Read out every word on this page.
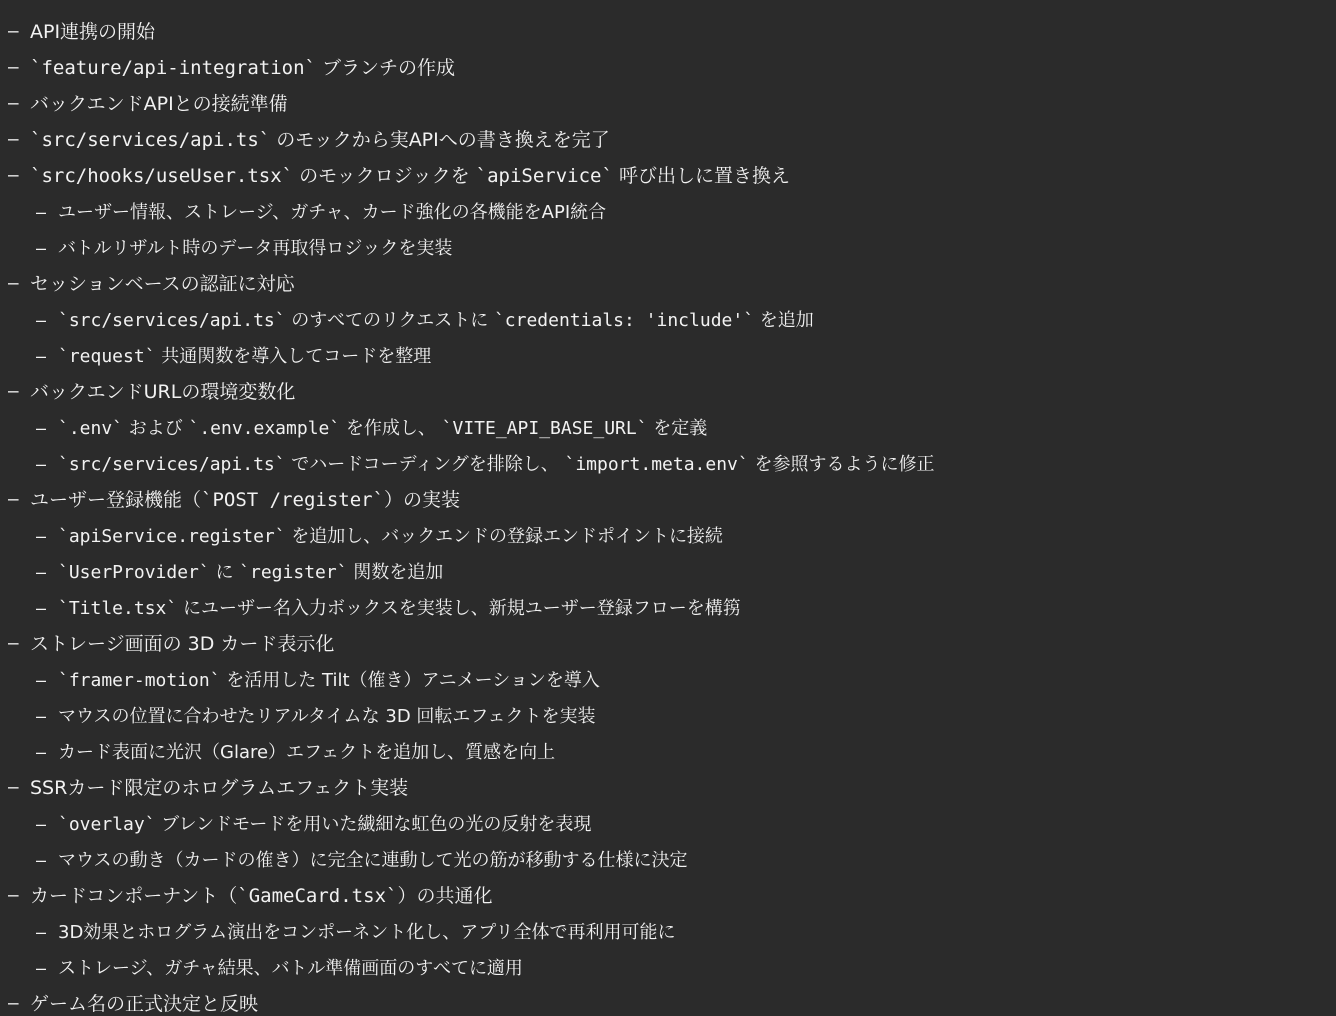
– API連携の開始
– `feature/api-integration` ブランチの作成
– バックエンドAPIとの接続準備
– `src/services/api.ts` のモックから実APIへの書き換えを完了
– `src/hooks/useUser.tsx` のモックロジックを `apiService` 呼び出しに置き換え
– ユーザー情報、ストレージ、ガチャ、カード強化の各機能をAPI統合
– バトルリザルト時のデータ再取得ロジックを実装
– セッションベースの認証に対応
– `src/services/api.ts` のすべてのリクエストに `credentials: 'include'` を追加
– `request` 共通関数を導入してコードを整理
– バックエンドURLの環境変数化
– `.env` および `.env.example` を作成し、 `VITE_API_BASE_URL` を定義
– `src/services/api.ts` でハードコーディングを排除し、 `import.meta.env` を参照するように修正
– ユーザー登録機能（`POST /register`）の実装
– `apiService.register` を追加し、バックエンドの登録エンドポイントに接続
– `UserProvider` に `register` 関数を追加
– `Title.tsx` にユーザー名入力ボックスを実装し、新規ユーザー登録フローを構箉
– ストレージ画面の 3D カード表示化
– `framer-motion` を活用した Tilt（傕き）アニメーションを導入
– マウスの位置に合わせたリアルタイムな 3D 回転エフェクトを実装
– カード表面に光沢（Glare）エフェクトを追加し、質感を向上
– SSRカード限定のホログラムエフェクト実装
– `overlay` ブレンドモードを用いた繊細な虹色の光の反射を表現
– マウスの動き（カードの傕き）に完全に連動して光の筋が移動する仕様に決定
– カードコンポーナント（`GameCard.tsx`）の共通化
– 3D効果とホログラム演出をコンポーネント化し、アプリ全体で再利用可能に
– ストレージ、ガチャ結果、バトル準備画面のすべてに適用
– ゲーム名の正式決定と反映
